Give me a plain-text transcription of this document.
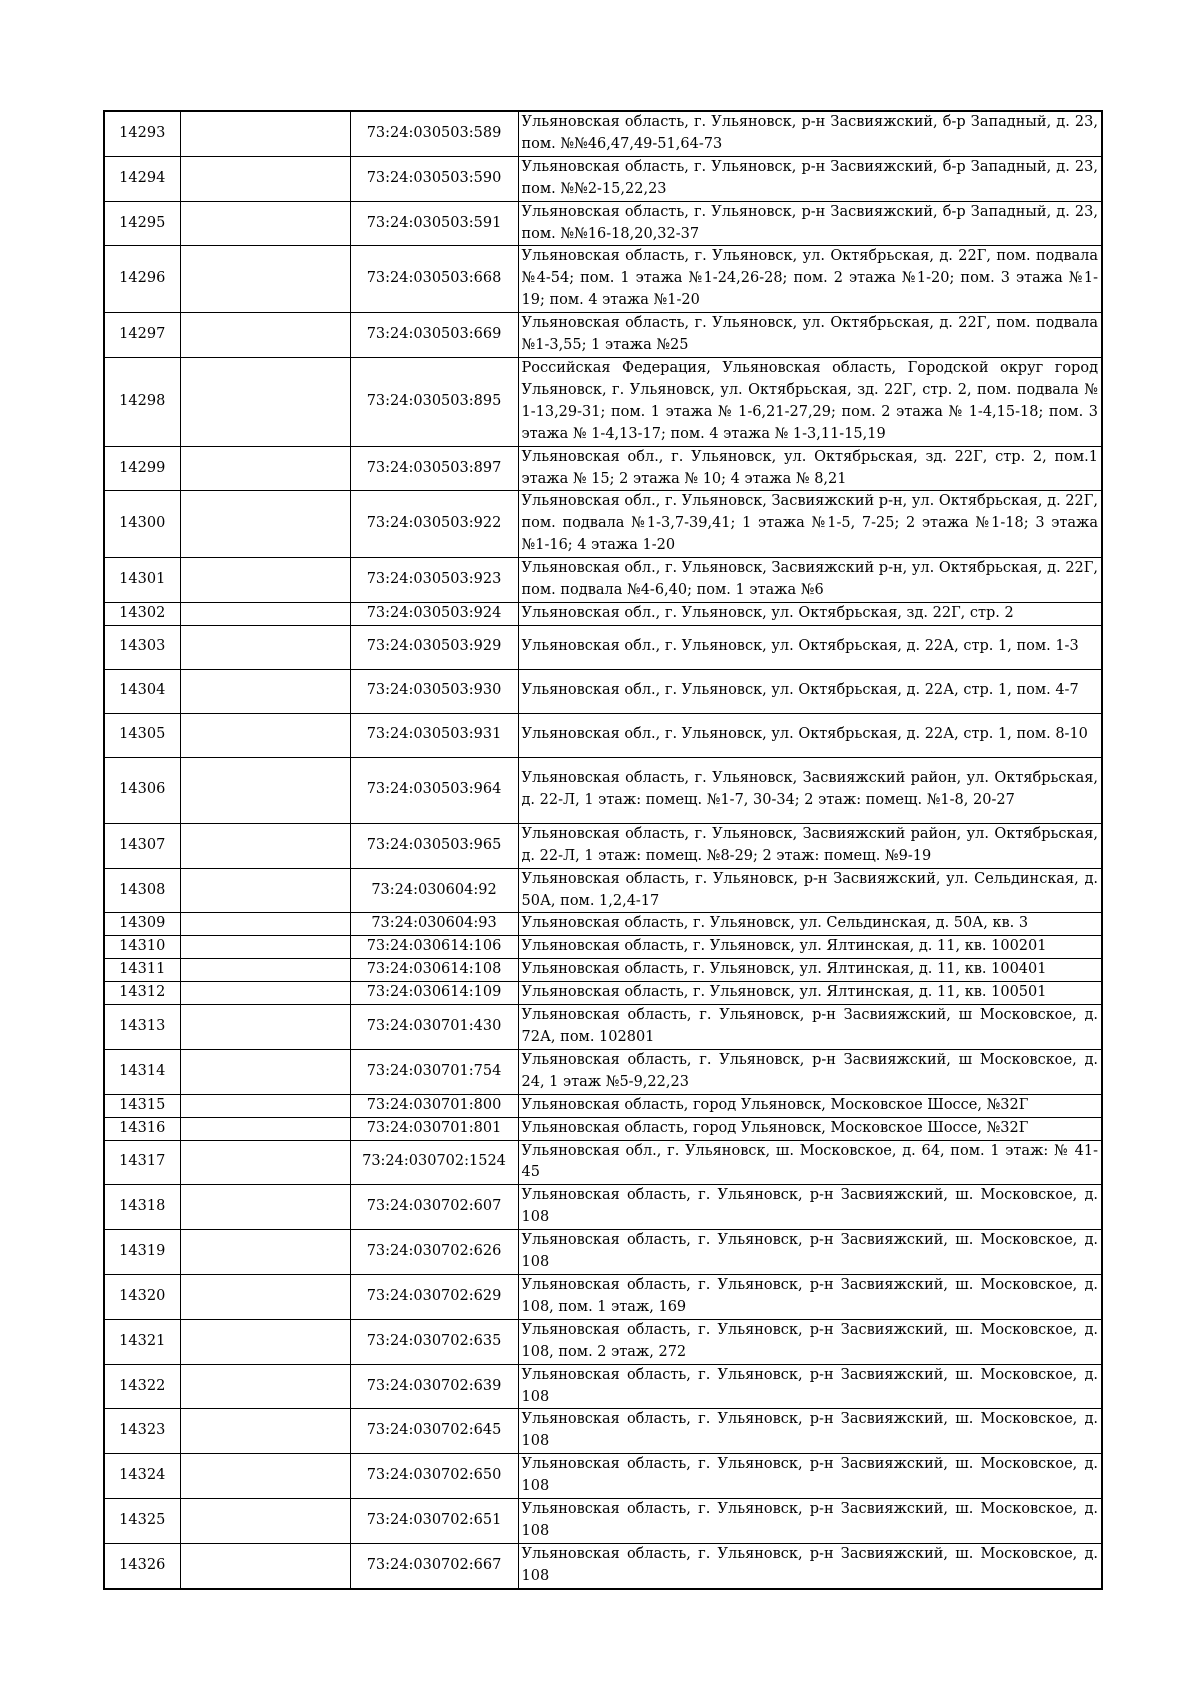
14293		73:24:030503:589	Ульяновская область, г. Ульяновск, р-н Засвияжский, б-р Западный, д. 23, пом. №№46,47,49-51,64-73
14294		73:24:030503:590	Ульяновская область, г. Ульяновск, р-н Засвияжский, б-р Западный, д. 23, пом. №№2-15,22,23
14295		73:24:030503:591	Ульяновская область, г. Ульяновск, р-н Засвияжский, б-р Западный, д. 23, пом. №№16-18,20,32-37
14296		73:24:030503:668	Ульяновская область, г. Ульяновск, ул. Октябрьская, д. 22Г, пом. подвала №4-54; пом. 1 этажа №1-24,26-28; пом. 2 этажа №1-20; пом. 3 этажа №1-19; пом. 4 этажа №1-20
14297		73:24:030503:669	Ульяновская область, г. Ульяновск, ул. Октябрьская, д. 22Г, пом. подвала №1-3,55; 1 этажа №25
14298		73:24:030503:895	Российская Федерация, Ульяновская область, Городской округ город Ульяновск, г. Ульяновск, ул. Октябрьская, зд. 22Г, стр. 2, пом. подвала № 1-13,29-31; пом. 1 этажа № 1-6,21-27,29; пом. 2 этажа № 1-4,15-18; пом. 3 этажа № 1-4,13-17; пом. 4 этажа № 1-3,11-15,19
14299		73:24:030503:897	Ульяновская обл., г. Ульяновск, ул. Октябрьская, зд. 22Г, стр. 2, пом.1 этажа № 15; 2 этажа № 10; 4 этажа № 8,21
14300		73:24:030503:922	Ульяновская обл., г. Ульяновск, Засвияжский р-н, ул. Октябрьская, д. 22Г, пом. подвала №1-3,7-39,41; 1 этажа №1-5, 7-25; 2 этажа №1-18; 3 этажа №1-16; 4 этажа 1-20
14301		73:24:030503:923	Ульяновская обл., г. Ульяновск, Засвияжский р-н, ул. Октябрьская, д. 22Г, пом. подвала №4-6,40; пом. 1 этажа №6
14302		73:24:030503:924	Ульяновская обл., г. Ульяновск, ул. Октябрьская, зд. 22Г, стр. 2
14303		73:24:030503:929	Ульяновская обл., г. Ульяновск, ул. Октябрьская, д. 22А, стр. 1, пом. 1-3
14304		73:24:030503:930	Ульяновская обл., г. Ульяновск, ул. Октябрьская, д. 22А, стр. 1, пом. 4-7
14305		73:24:030503:931	Ульяновская обл., г. Ульяновск, ул. Октябрьская, д. 22А, стр. 1, пом. 8-10
14306		73:24:030503:964	Ульяновская область, г. Ульяновск, Засвияжский район, ул. Октябрьская, д. 22-Л, 1 этаж: помещ. №1-7, 30-34; 2 этаж: помещ. №1-8, 20-27
14307		73:24:030503:965	Ульяновская область, г. Ульяновск, Засвияжский район, ул. Октябрьская, д. 22-Л, 1 этаж: помещ. №8-29; 2 этаж: помещ. №9-19
14308		73:24:030604:92	Ульяновская область, г. Ульяновск, р-н Засвияжский, ул. Сельдинская, д. 50А, пом. 1,2,4-17
14309		73:24:030604:93	Ульяновская область, г. Ульяновск, ул. Сельдинская, д. 50А, кв. 3
14310		73:24:030614:106	Ульяновская область, г. Ульяновск, ул. Ялтинская, д. 11, кв. 100201
14311		73:24:030614:108	Ульяновская область, г. Ульяновск, ул. Ялтинская, д. 11, кв. 100401
14312		73:24:030614:109	Ульяновская область, г. Ульяновск, ул. Ялтинская, д. 11, кв. 100501
14313		73:24:030701:430	Ульяновская область, г. Ульяновск, р-н Засвияжский, ш Московское, д. 72А, пом. 102801
14314		73:24:030701:754	Ульяновская область, г. Ульяновск, р-н Засвияжский, ш Московское, д. 24, 1 этаж №5-9,22,23
14315		73:24:030701:800	Ульяновская область, город Ульяновск, Московское Шоссе, №32Г
14316		73:24:030701:801	Ульяновская область, город Ульяновск, Московское Шоссе, №32Г
14317		73:24:030702:1524	Ульяновская обл., г. Ульяновск, ш. Московское, д. 64, пом. 1 этаж: № 41-45
14318		73:24:030702:607	Ульяновская область, г. Ульяновск, р-н Засвияжский, ш. Московское, д. 108
14319		73:24:030702:626	Ульяновская область, г. Ульяновск, р-н Засвияжский, ш. Московское, д. 108
14320		73:24:030702:629	Ульяновская область, г. Ульяновск, р-н Засвияжский, ш. Московское, д. 108, пом. 1 этаж, 169
14321		73:24:030702:635	Ульяновская область, г. Ульяновск, р-н Засвияжский, ш. Московское, д. 108, пом. 2 этаж, 272
14322		73:24:030702:639	Ульяновская область, г. Ульяновск, р-н Засвияжский, ш. Московское, д. 108
14323		73:24:030702:645	Ульяновская область, г. Ульяновск, р-н Засвияжский, ш. Московское, д. 108
14324		73:24:030702:650	Ульяновская область, г. Ульяновск, р-н Засвияжский, ш. Московское, д. 108
14325		73:24:030702:651	Ульяновская область, г. Ульяновск, р-н Засвияжский, ш. Московское, д. 108
14326		73:24:030702:667	Ульяновская область, г. Ульяновск, р-н Засвияжский, ш. Московское, д. 108
